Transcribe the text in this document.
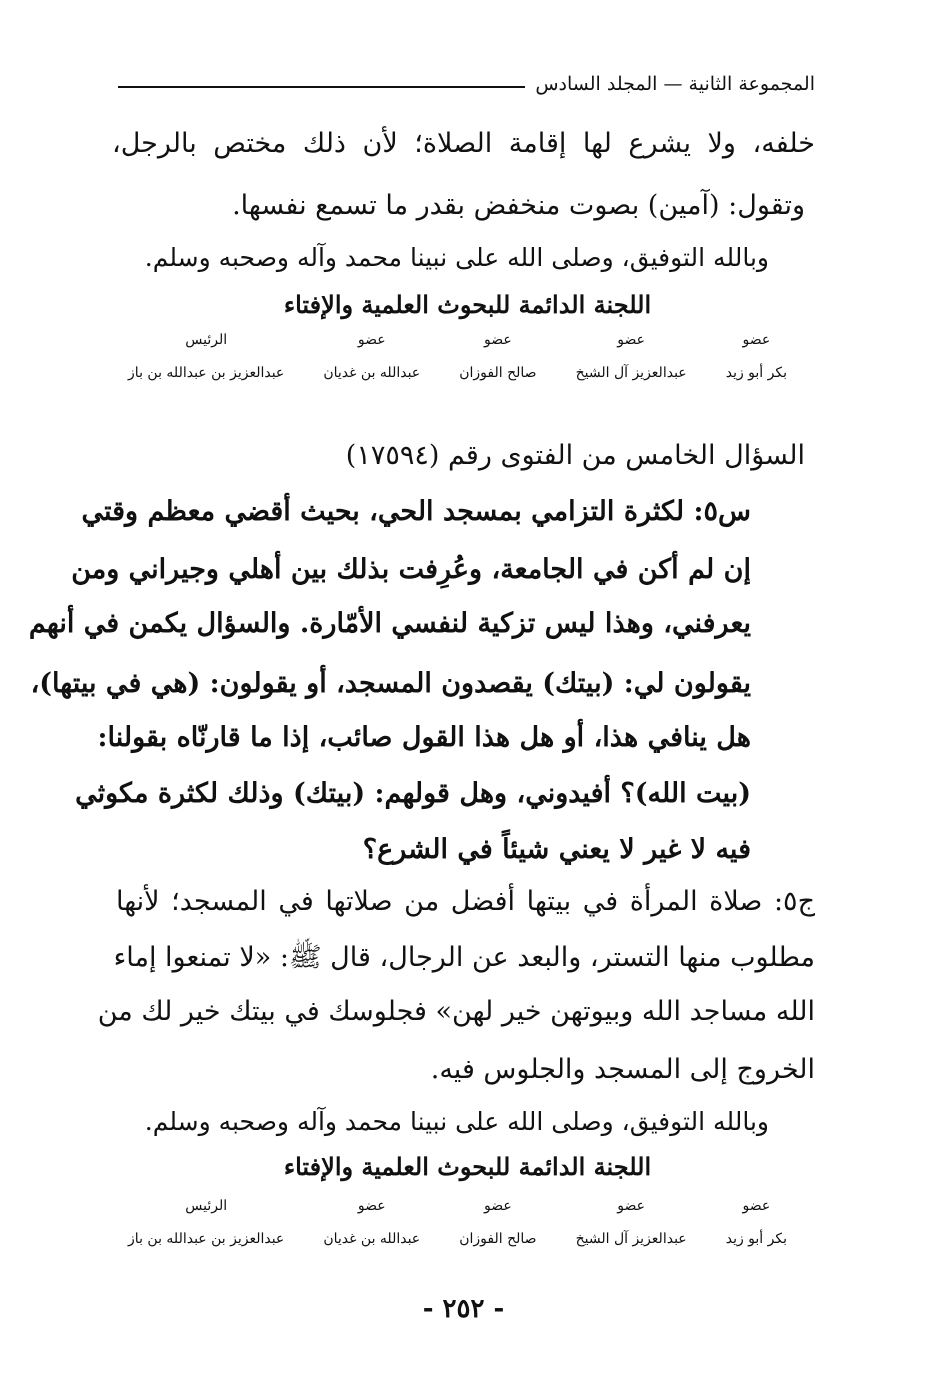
المجموعة الثانية — المجلد السادس
خلفه، ولا يشرع لها إقامة الصلاة؛ لأن ذلك مختص بالرجل،
وتقول: (آمين) بصوت منخفض بقدر ما تسمع نفسها.
وبالله التوفيق، وصلى الله على نبينا محمد وآله وصحبه وسلم.
اللجنة الدائمة للبحوث العلمية والإفتاء
عضو
بكر أبو زيد
عضو
عبدالعزيز آل الشيخ
عضو
صالح الفوزان
عضو
عبدالله بن غديان
الرئيس
عبدالعزيز بن عبدالله بن باز
السؤال الخامس من الفتوى رقم (١٧٥٩٤)
س٥: لكثرة التزامي بمسجد الحي، بحيث أقضي معظم وقتي
إن لم أكن في الجامعة، وعُرِفت بذلك بين أهلي وجيراني ومن
يعرفني، وهذا ليس تزكية لنفسي الأمّارة. والسؤال يكمن في أنهم
يقولون لي: (بيتك) يقصدون المسجد، أو يقولون: (هي في بيتها)،
هل ينافي هذا، أو هل هذا القول صائب، إذا ما قارنّاه بقولنا:
(بيت الله)؟ أفيدوني، وهل قولهم: (بيتك) وذلك لكثرة مكوثي
فيه لا غير لا يعني شيئاً في الشرع؟
ج٥: صلاة المرأة في بيتها أفضل من صلاتها في المسجد؛ لأنها
مطلوب منها التستر، والبعد عن الرجال، قال ﷺ: «لا تمنعوا إماء
الله مساجد الله وبيوتهن خير لهن» فجلوسك في بيتك خير لك من
الخروج إلى المسجد والجلوس فيه.
وبالله التوفيق، وصلى الله على نبينا محمد وآله وصحبه وسلم.
اللجنة الدائمة للبحوث العلمية والإفتاء
عضو
بكر أبو زيد
عضو
عبدالعزيز آل الشيخ
عضو
صالح الفوزان
عضو
عبدالله بن غديان
الرئيس
عبدالعزيز بن عبدالله بن باز
- ٢٥٢ -
